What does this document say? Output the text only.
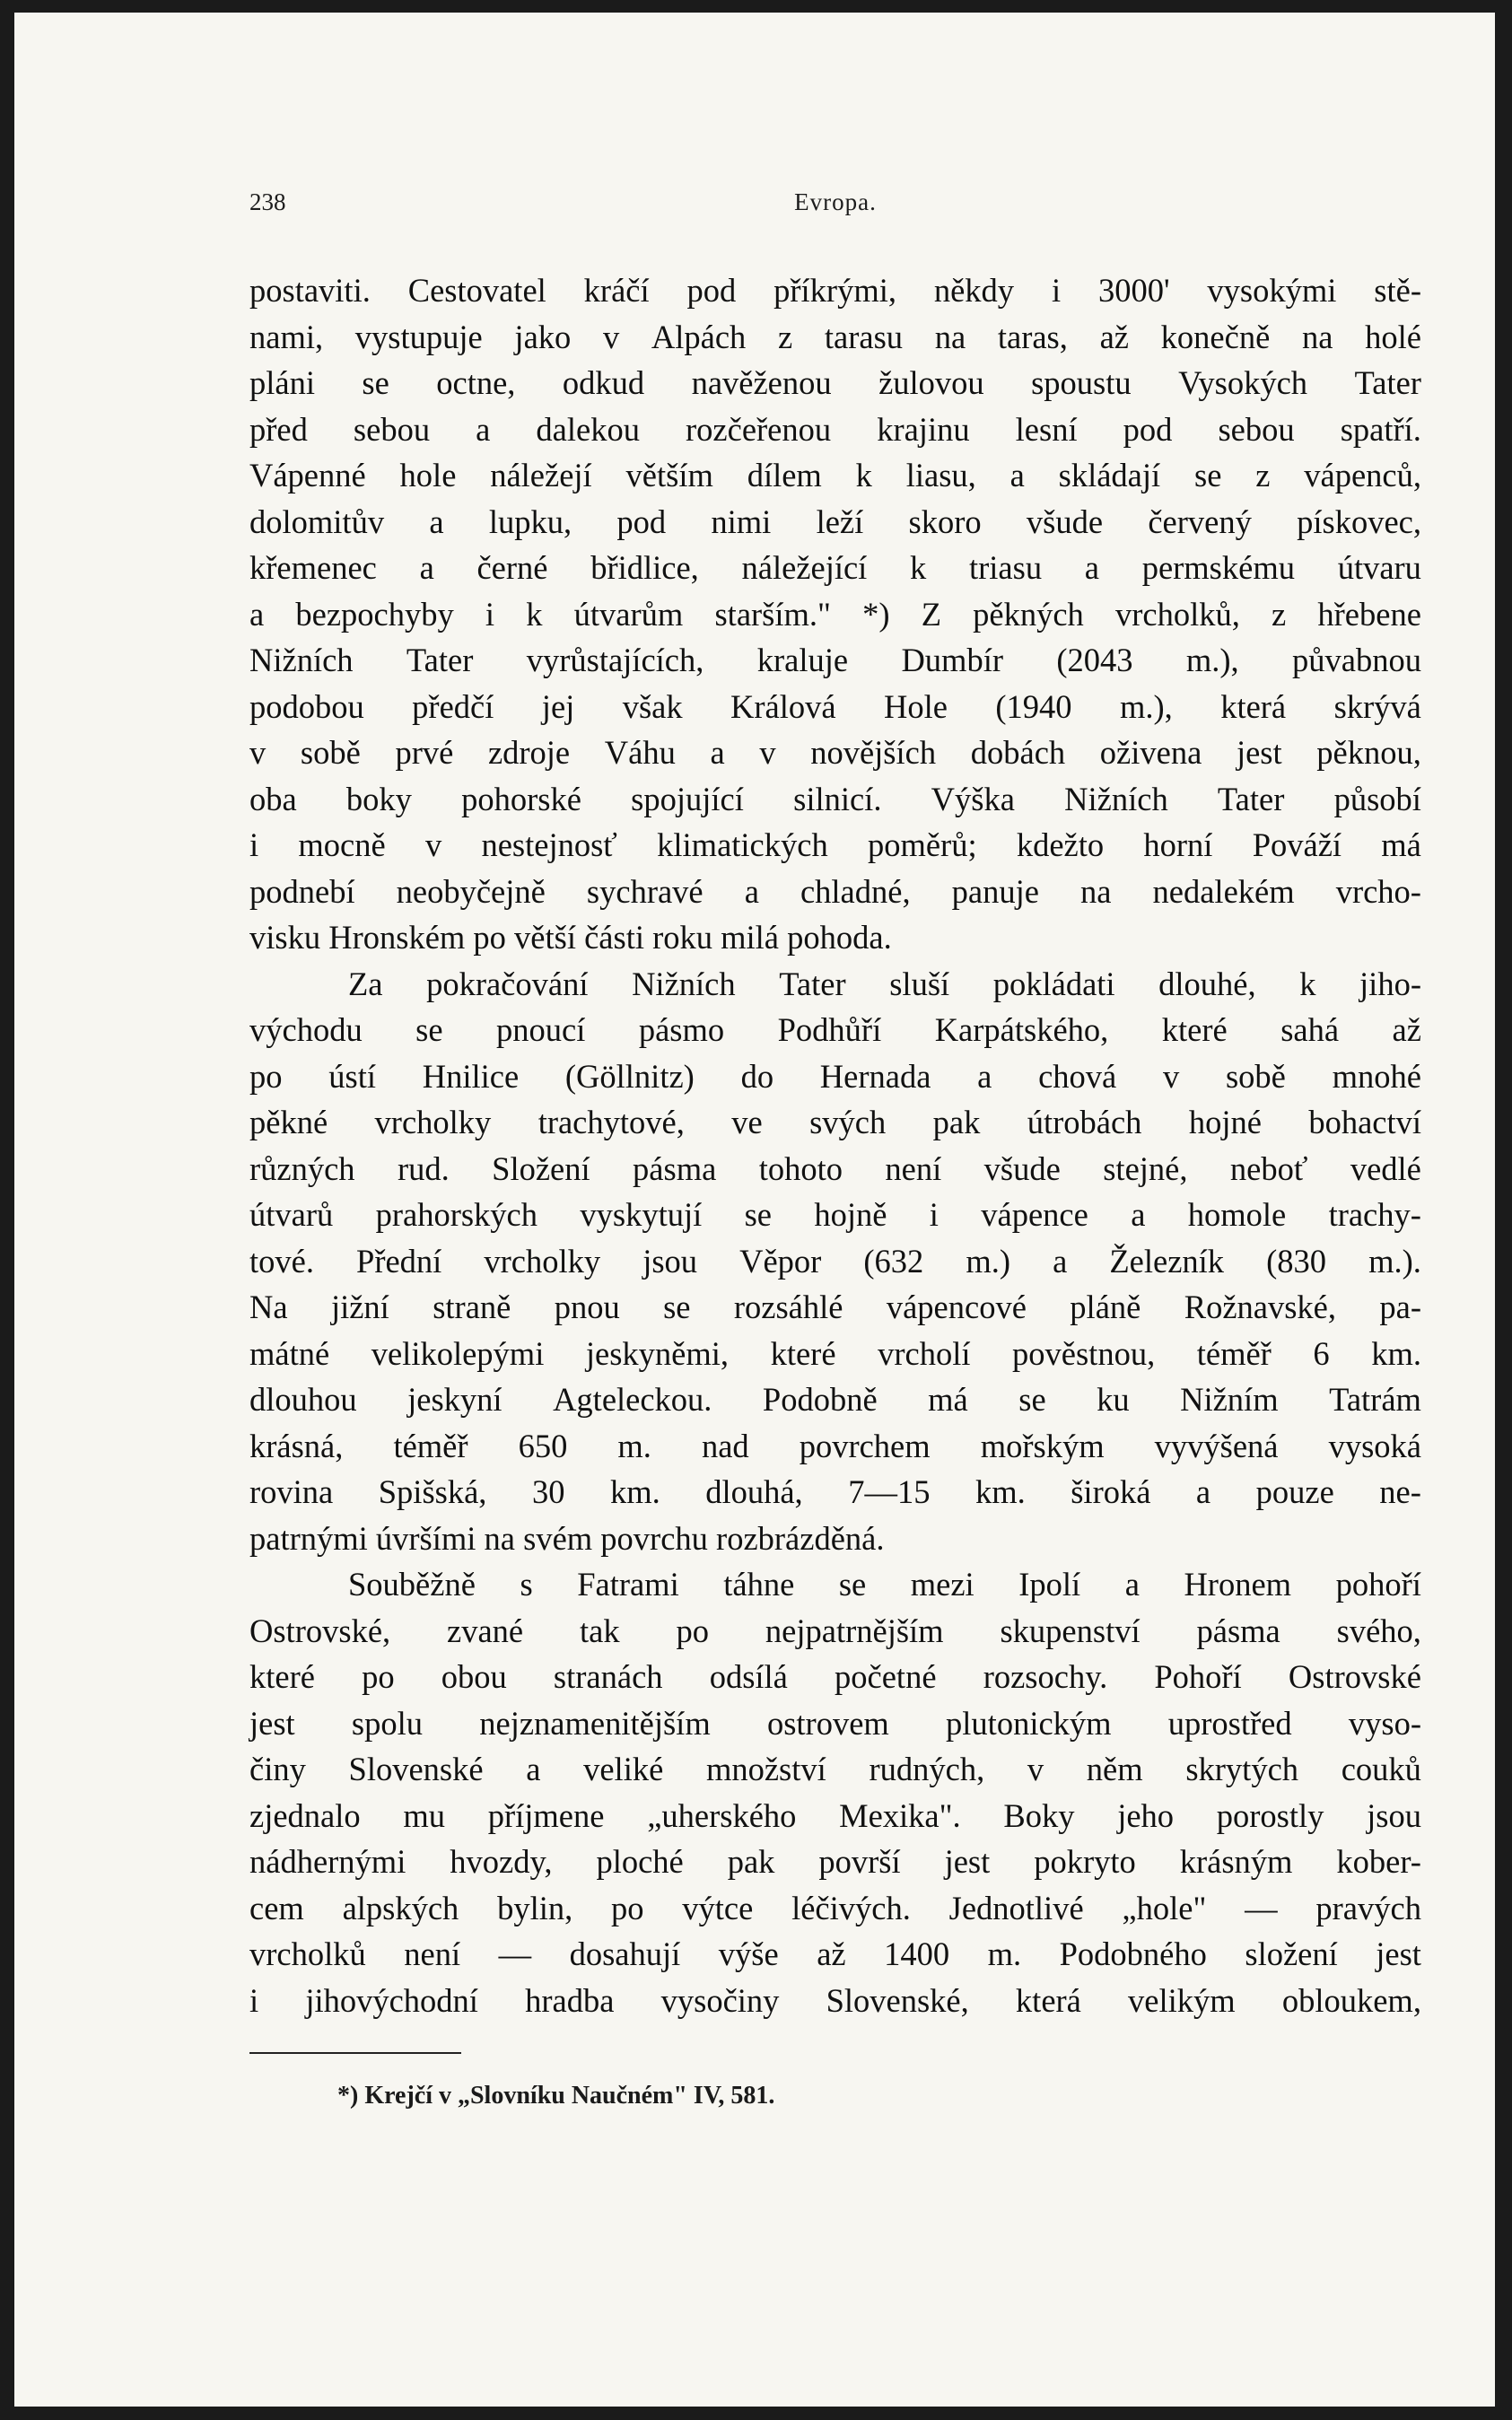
238	Evropa.
postaviti. Cestovatel kráčí pod příkrými, někdy i 3000' vysokými stě-
nami, vystupuje jako v Alpách z tarasu na taras, až konečně na holé
pláni se octne, odkud navěženou žulovou spoustu Vysokých Tater
před sebou a dalekou rozčeřenou krajinu lesní pod sebou spatří.
Vápenné hole náležejí větším dílem k liasu, a skládají se z vápenců,
dolomitův a lupku, pod nimi leží skoro všude červený pískovec,
křemenec a černé břidlice, náležející k triasu a permskému útvaru
a bezpochyby i k útvarům starším." *) Z pěkných vrcholků, z hřebene
Nižních Tater vyrůstajících, kraluje Dumbír (2043 m.), půvabnou
podobou předčí jej však Králová Hole (1940 m.), která skrývá
v sobě prvé zdroje Váhu a v novějších dobách oživena jest pěknou,
oba boky pohorské spojující silnicí. Výška Nižních Tater působí
i mocně v nestejnosť klimatických poměrů; kdežto horní Pováží má
podnebí neobyčejně sychravé a chladné, panuje na nedalekém vrcho-
visku Hronském po větší části roku milá pohoda.
Za pokračování Nižních Tater sluší pokládati dlouhé, k jiho-
východu se pnoucí pásmo Podhůří Karpátského, které sahá až
po ústí Hnilice (Göllnitz) do Hernada a chová v sobě mnohé
pěkné vrcholky trachytové, ve svých pak útrobách hojné bohactví
různých rud. Složení pásma tohoto není všude stejné, neboť vedlé
útvarů prahorských vyskytují se hojně i vápence a homole trachy-
tové. Přední vrcholky jsou Věpor (632 m.) a Železník (830 m.).
Na jižní straně pnou se rozsáhlé vápencové pláně Rožnavské, pa-
mátné velikolepými jeskyněmi, které vrcholí pověstnou, téměř 6 km.
dlouhou jeskyní Agteleckou. Podobně má se ku Nižním Tatrám
krásná, téměř 650 m. nad povrchem mořským vyvýšená vysoká
rovina Spišská, 30 km. dlouhá, 7—15 km. široká a pouze ne-
patrnými úvršími na svém povrchu rozbrázděná.
Souběžně s Fatrami táhne se mezi Ipolí a Hronem pohoří
Ostrovské, zvané tak po nejpatrnějším skupenství pásma svého,
které po obou stranách odsílá početné rozsochy. Pohoří Ostrovské
jest spolu nejznamenitějším ostrovem plutonickým uprostřed vyso-
činy Slovenské a veliké množství rudných, v něm skrytých couků
zjednalo mu příjmene „uherského Mexika". Boky jeho porostly jsou
nádhernými hvozdy, ploché pak površí jest pokryto krásným kober-
cem alpských bylin, po výtce léčivých. Jednotlivé „hole" — pravých
vrcholků není — dosahují výše až 1400 m. Podobného složení jest
i jihovýchodní hradba vysočiny Slovenské, která velikým obloukem,
*) Krejčí v „Slovníku Naučném" IV, 581.
